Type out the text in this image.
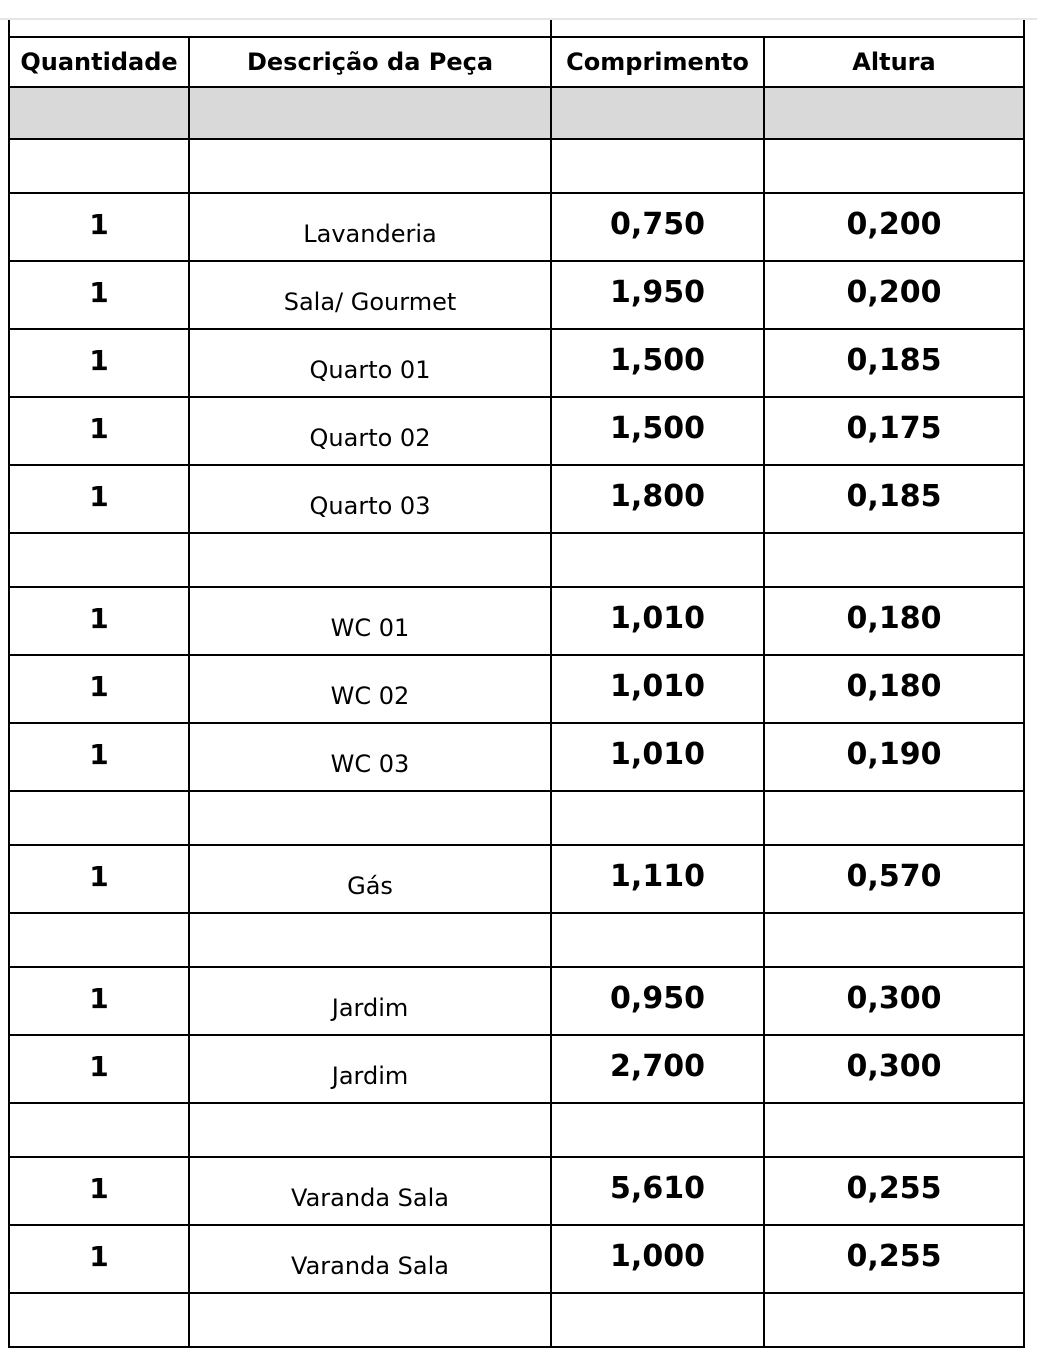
Quantidade	Descrição da Peça	Comprimento	Altura

1	Lavanderia	0,750	0,200
1	Sala/ Gourmet	1,950	0,200
1	Quarto 01	1,500	0,185
1	Quarto 02	1,500	0,175
1	Quarto 03	1,800	0,185

1	WC 01	1,010	0,180
1	WC 02	1,010	0,180
1	WC 03	1,010	0,190

1	Gás	1,110	0,570

1	Jardim	0,950	0,300
1	Jardim	2,700	0,300

1	Varanda Sala	5,610	0,255
1	Varanda Sala	1,000	0,255
